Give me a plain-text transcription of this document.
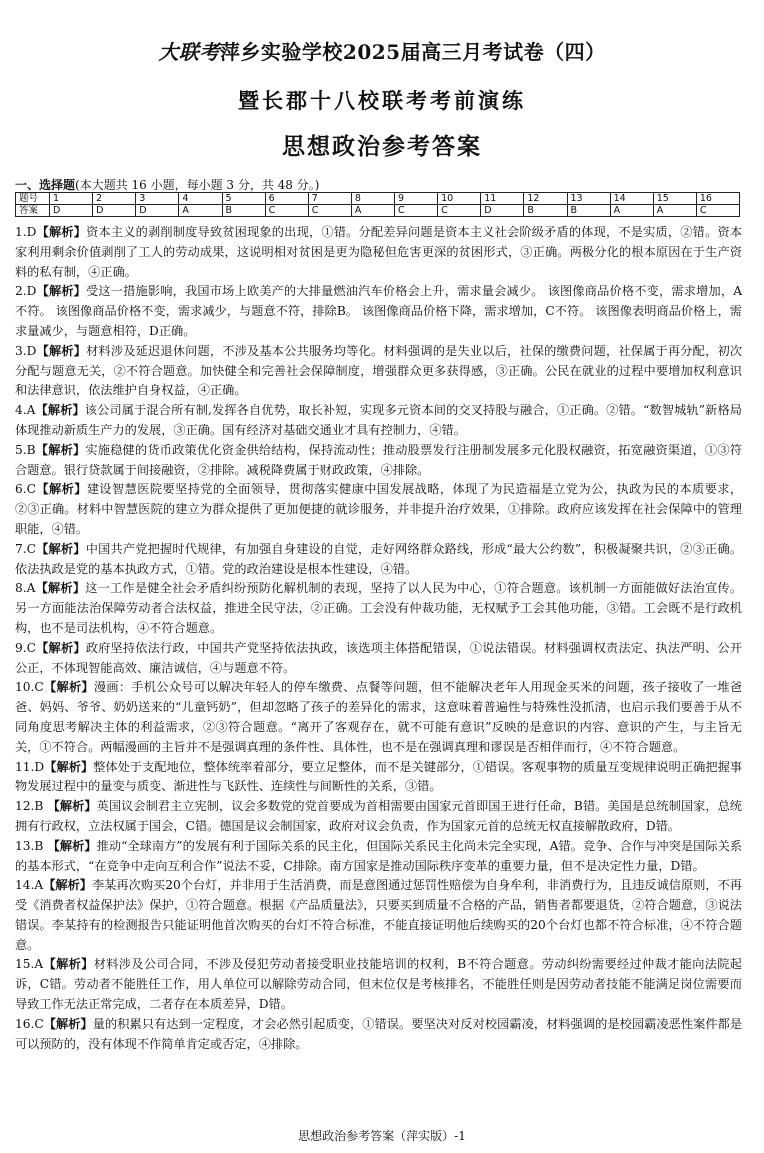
大联考萍乡实验学校2025届高三月考试卷（四）
暨长郡十八校联考考前演练
思想政治参考答案
一、选择题(本大题共 16 小题，每小题 3 分，共 48 分。)
题号	1	2	3	4	5	6	7	8	9	10	11	12	13	14	15	16
答案	D	D	D	A	B	C	C	A	C	C	D	B	B	A	A	C

1.D【解析】资本主义的剥削制度导致贫困现象的出现，①错。分配差异问题是资本主义社会阶级矛盾的体现，不是实质，②错。资本家利用剩余价值剥削了工人的劳动成果，这说明相对贫困是更为隐秘但危害更深的贫困形式，③正确。两极分化的根本原因在于生产资料的私有制，④正确。

2.D【解析】受这一措施影响，我国市场上欧美产的大排量燃油汽车价格会上升，需求量会减少。 该图像商品价格不变，需求增加，A不符。 该图像商品价格不变，需求减少，与题意不符，排除B。 该图像商品价格下降，需求增加，C不符。 该图像表明商品价格上，需求量减少，与题意相符，D正确。

3.D【解析】材料涉及延迟退休问题，不涉及基本公共服务均等化。材料强调的是失业以后，社保的缴费问题，社保属于再分配，初次分配与题意无关，②不符合题意。加快健全和完善社会保障制度，增强群众更多获得感，③正确。公民在就业的过程中要增加权利意识和法律意识，依法维护自身权益，④正确。

4.A【解析】该公司属于混合所有制,发挥各自优势，取长补短，实现多元资本间的交叉持股与融合，①正确。②错。“数智城轨”新格局体现推动新质生产力的发展，③正确。国有经济对基础交通业才具有控制力，④错。

5.B【解析】实施稳健的货币政策优化资金供给结构，保持流动性；推动股票发行注册制发展多元化股权融资，拓宽融资渠道，①③符合题意。银行贷款属于间接融资，②排除。减税降费属于财政政策，④排除。

6.C【解析】建设智慧医院要坚持党的全面领导，贯彻落实健康中国发展战略，体现了为民造福是立党为公，执政为民的本质要求，②③正确。材料中智慧医院的建立为群众提供了更加便捷的就诊服务，并非提升治疗效果，①排除。政府应该发挥在社会保障中的管理职能，④错。

7.C【解析】中国共产党把握时代规律，有加强自身建设的自觉，走好网络群众路线，形成“最大公约数”，积极凝聚共识，②③正确。依法执政是党的基本执政方式，①错。党的政治建设是根本性建设，④错。

8.A【解析】这一工作是健全社会矛盾纠纷预防化解机制的表现，坚持了以人民为中心，①符合题意。该机制一方面能做好法治宣传。另一方面能法治保障劳动者合法权益，推进全民守法，②正确。工会没有仲裁功能，无权赋予工会其他功能，③错。工会既不是行政机构，也不是司法机构，④不符合题意。

9.C【解析】政府坚持依法行政，中国共产党坚持依法执政，该选项主体搭配错误，①说法错误。材料强调权责法定、执法严明、公开公正，不体现智能高效、廉洁诚信，④与题意不符。

10.C【解析】漫画：手机公众号可以解决年轻人的停车缴费、点餐等问题，但不能解决老年人用现金买米的问题，孩子接收了一堆爸爸、妈妈、爷爷、奶奶送来的“儿童钙奶”，但却忽略了孩子的差异化的需求，这意味着普遍性与特殊性没抓清，也启示我们要善于从不同角度思考解决主体的利益需求，②③符合题意。“离开了客观存在，就不可能有意识”反映的是意识的内容、意识的产生，与主旨无关，①不符合。两幅漫画的主旨并不是强调真理的条件性、具体性，也不是在强调真理和谬误是否相伴而行，④不符合题意。

11.D【解析】整体处于支配地位，整体统率着部分，要立足整体，而不是关键部分，①错误。客观事物的质量互变规律说明正确把握事物发展过程中的量变与质变、渐进性与飞跃性、连续性与间断性的关系，③错。

12.B 【解析】英国议会制君主立宪制，议会多数党的党首要成为首相需要由国家元首即国王进行任命，B错。美国是总统制国家，总统拥有行政权，立法权属于国会，C错。德国是议会制国家，政府对议会负责，作为国家元首的总统无权直接解散政府，D错。

13.B 【解析】推动“全球南方”的发展有利于国际关系的民主化，但国际关系民主化尚未完全实现，A错。竞争、合作与冲突是国际关系的基本形式，“在竞争中走向互利合作”说法不妥，C排除。南方国家是推动国际秩序变革的重要力量，但不是决定性力量，D错。

14.A【解析】李某再次购买20个台灯，并非用于生活消费，而是意图通过惩罚性赔偿为自身牟利，非消费行为，且违反诚信原则，不再受《消费者权益保护法》保护，①符合题意。根据《产品质量法》，只要买到质量不合格的产品，销售者都要退货，②符合题意，③说法错误。李某持有的检测报告只能证明他首次购买的台灯不符合标准，不能直接证明他后续购买的20个台灯也都不符合标准，④不符合题意。

15.A【解析】材料涉及公司合同，不涉及侵犯劳动者接受职业技能培训的权利，B不符合题意。劳动纠纷需要经过仲裁才能向法院起诉，C错。劳动者不能胜任工作，用人单位可以解除劳动合同，但末位仅是考核排名，不能胜任则是因劳动者技能不能满足岗位需要而导致工作无法正常完成，二者存在本质差异，D错。

16.C【解析】量的积累只有达到一定程度，才会必然引起质变，①错误。要坚决对反对校园霸凌，材料强调的是校园霸凌恶性案件都是可以预防的，没有体现不作简单肯定或否定，④排除。

思想政治参考答案（萍实版）-1
